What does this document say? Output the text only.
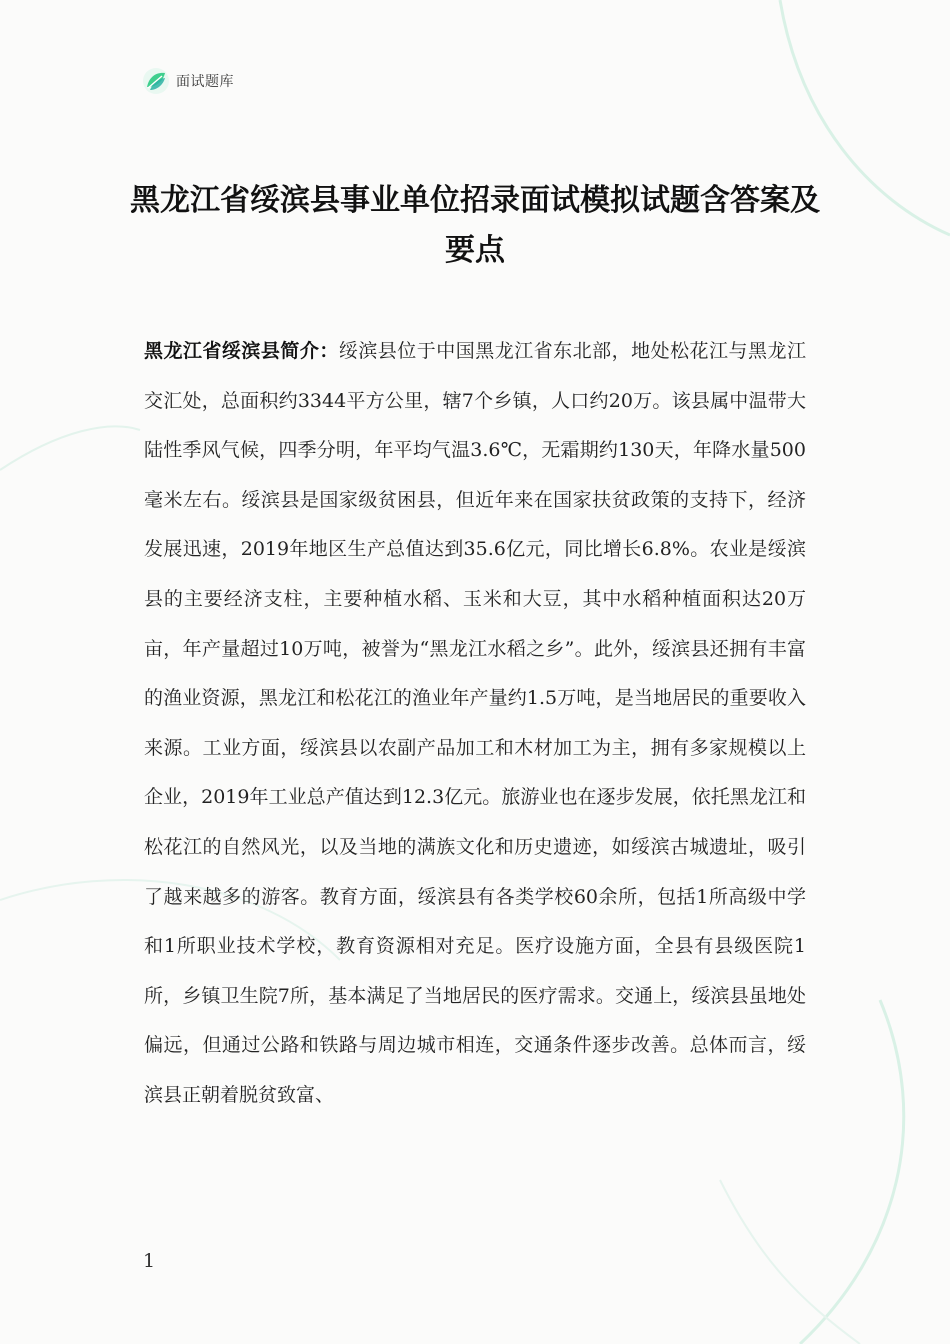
面试题库
黑龙江省绥滨县事业单位招录面试模拟试题含答案及要点

黑龙江省绥滨县简介：绥滨县位于中国黑龙江省东北部，地处松花江与黑龙江交汇处，总面积约3344平方公里，辖7个乡镇，人口约20万。该县属中温带大陆性季风气候，四季分明，年平均气温3.6℃，无霜期约130天，年降水量500毫米左右。绥滨县是国家级贫困县，但近年来在国家扶贫政策的支持下，经济发展迅速，2019年地区生产总值达到35.6亿元，同比增长6.8%。农业是绥滨县的主要经济支柱，主要种植水稻、玉米和大豆，其中水稻种植面积达20万亩，年产量超过10万吨，被誉为“黑龙江水稻之乡”。此外，绥滨县还拥有丰富的渔业资源，黑龙江和松花江的渔业年产量约1.5万吨，是当地居民的重要收入来源。工业方面，绥滨县以农副产品加工和木材加工为主，拥有多家规模以上企业，2019年工业总产值达到12.3亿元。旅游业也在逐步发展，依托黑龙江和松花江的自然风光，以及当地的满族文化和历史遗迹，如绥滨古城遗址，吸引了越来越多的游客。教育方面，绥滨县有各类学校60余所，包括1所高级中学和1所职业技术学校，教育资源相对充足。医疗设施方面，全县有县级医院1所，乡镇卫生院7所，基本满足了当地居民的医疗需求。交通上，绥滨县虽地处偏远，但通过公路和铁路与周边城市相连，交通条件逐步改善。总体而言，绥滨县正朝着脱贫致富、

1
